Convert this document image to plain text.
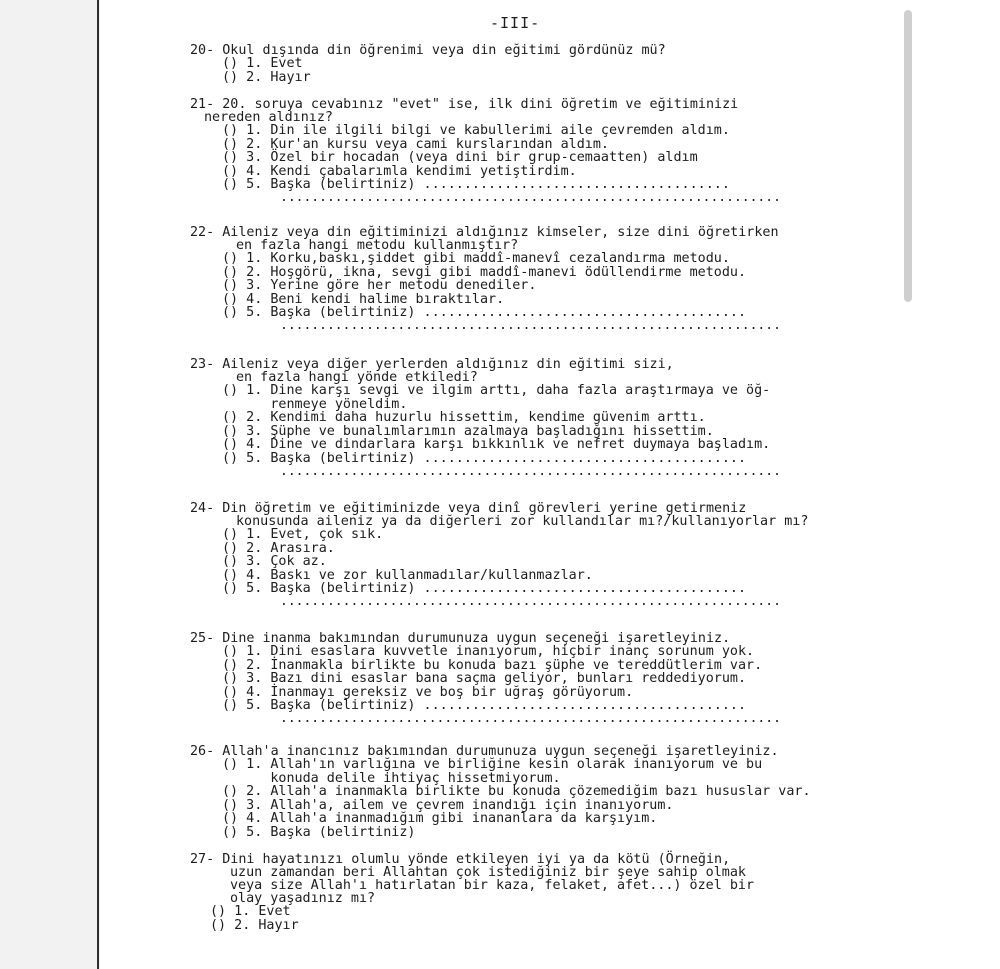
-III-
20- Okul dışında din öğrenimi veya din eğitimi gördünüz mü?
() 1. Evet
() 2. Hayır
21- 20. soruya cevabınız "evet" ise, ilk dini öğretim ve eğitiminizi
nereden aldınız?
() 1. Din ile ilgili bilgi ve kabullerimi aile çevremden aldım.
() 2. Kur'an kursu veya cami kurslarından aldım.
() 3. Özel bir hocadan (veya dini bir grup-cemaatten) aldım
() 4. Kendi çabalarımla kendimi yetiştirdim.
() 5. Başka (belirtiniz) ......................................
................................................................
22- Aileniz veya din eğitiminizi aldığınız kimseler, size dini öğretirken
en fazla hangi metodu kullanmıştır?
() 1. Korku,baskı,şiddet gibi maddî-manevî cezalandırma metodu.
() 2. Hoşgörü, ikna, sevgi gibi maddî-manevi ödüllendirme metodu.
() 3. Yerine göre her metodu denediler.
() 4. Beni kendi halime bıraktılar.
() 5. Başka (belirtiniz) ........................................
................................................................
23- Aileniz veya diğer yerlerden aldığınız din eğitimi sizi,
en fazla hangi yönde etkiledi?
() 1. Dine karşı sevgi ve ilgim arttı, daha fazla araştırmaya ve öğ-
renmeye yöneldim.
() 2. Kendimi daha huzurlu hissettim, kendime güvenim arttı.
() 3. Şüphe ve bunalımlarımın azalmaya başladığını hissettim.
() 4. Dine ve dindarlara karşı bıkkınlık ve nefret duymaya başladım.
() 5. Başka (belirtiniz) ........................................
................................................................
24- Din öğretim ve eğitiminizde veya dinî görevleri yerine getirmeniz
konusunda aileniz ya da diğerleri zor kullandılar mı?/kullanıyorlar mı?
() 1. Evet, çok sık.
() 2. Arasıra.
() 3. Çok az.
() 4. Baskı ve zor kullanmadılar/kullanmazlar.
() 5. Başka (belirtiniz) ........................................
................................................................
25- Dine inanma bakımından durumunuza uygun seçeneği işaretleyiniz.
() 1. Dini esaslara kuvvetle inanıyorum, hiçbir inanç sorunum yok.
() 2. İnanmakla birlikte bu konuda bazı şüphe ve tereddütlerim var.
() 3. Bazı dini esaslar bana saçma geliyor, bunları reddediyorum.
() 4. İnanmayı gereksiz ve boş bir uğraş görüyorum.
() 5. Başka (belirtiniz) ........................................
................................................................
26- Allah'a inancınız bakımından durumunuza uygun seçeneği işaretleyiniz.
() 1. Allah'ın varlığına ve birliğine kesin olarak inanıyorum ve bu
konuda delile ihtiyaç hissetmiyorum.
() 2. Allah'a inanmakla birlikte bu konuda çözemediğim bazı hususlar var.
() 3. Allah'a, ailem ve çevrem inandığı için inanıyorum.
() 4. Allah'a inanmadığım gibi inananlara da karşıyım.
() 5. Başka (belirtiniz)
27- Dini hayatınızı olumlu yönde etkileyen iyi ya da kötü (Örneğin,
uzun zamandan beri Allahtan çok istediğiniz bir şeye sahip olmak
veya size Allah'ı hatırlatan bir kaza, felaket, afet...) özel bir
olay yaşadınız mı?
() 1. Evet
() 2. Hayır
